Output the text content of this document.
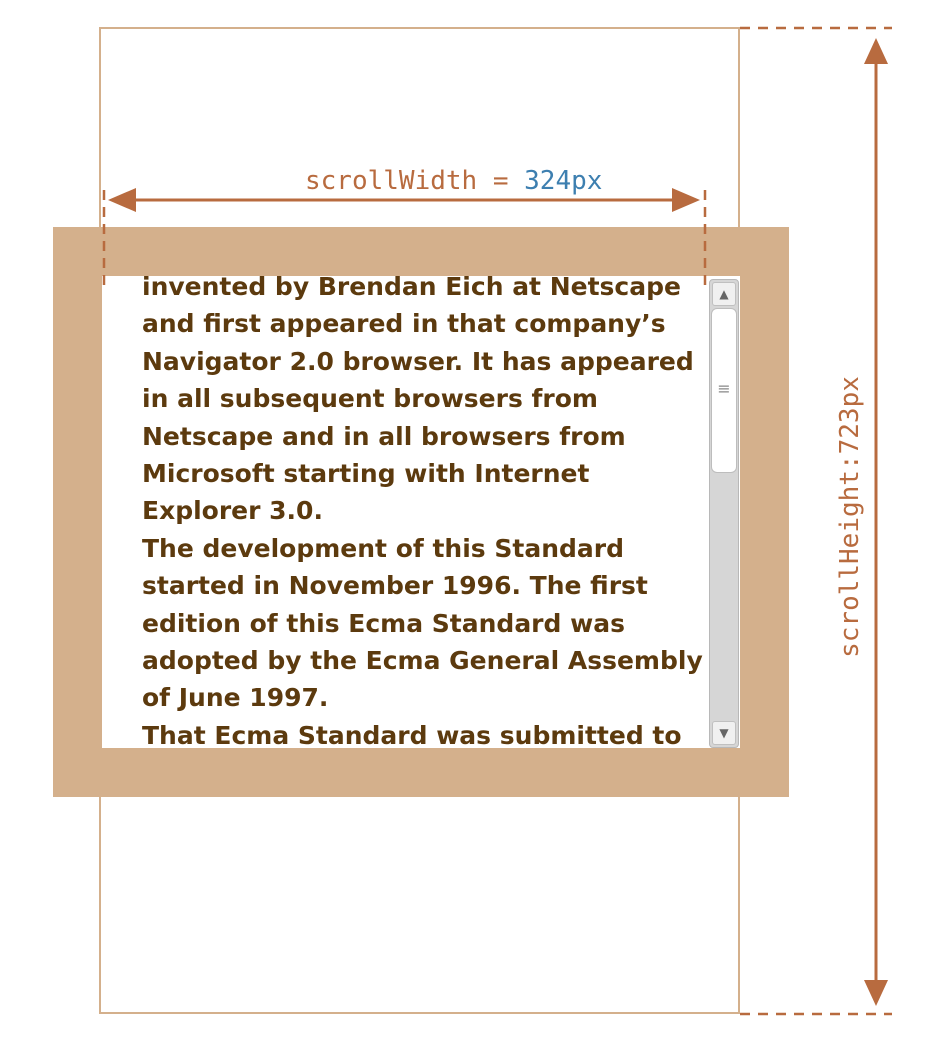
invented by Brendan Eich at Netscape and first appeared in that company’s Navigator 2.0 browser. It has appeared in all subsequent browsers from Netscape and in all browsers from Microsoft starting with Internet Explorer 3.0.

The development of this Standard started in November 1996. The first edition of this Ecma Standard was adopted by the Ecma General Assembly of June 1997.

That Ecma Standard was submitted to

▲
≡
▼
scrollWidth = 324px
scrollHeight:723px
